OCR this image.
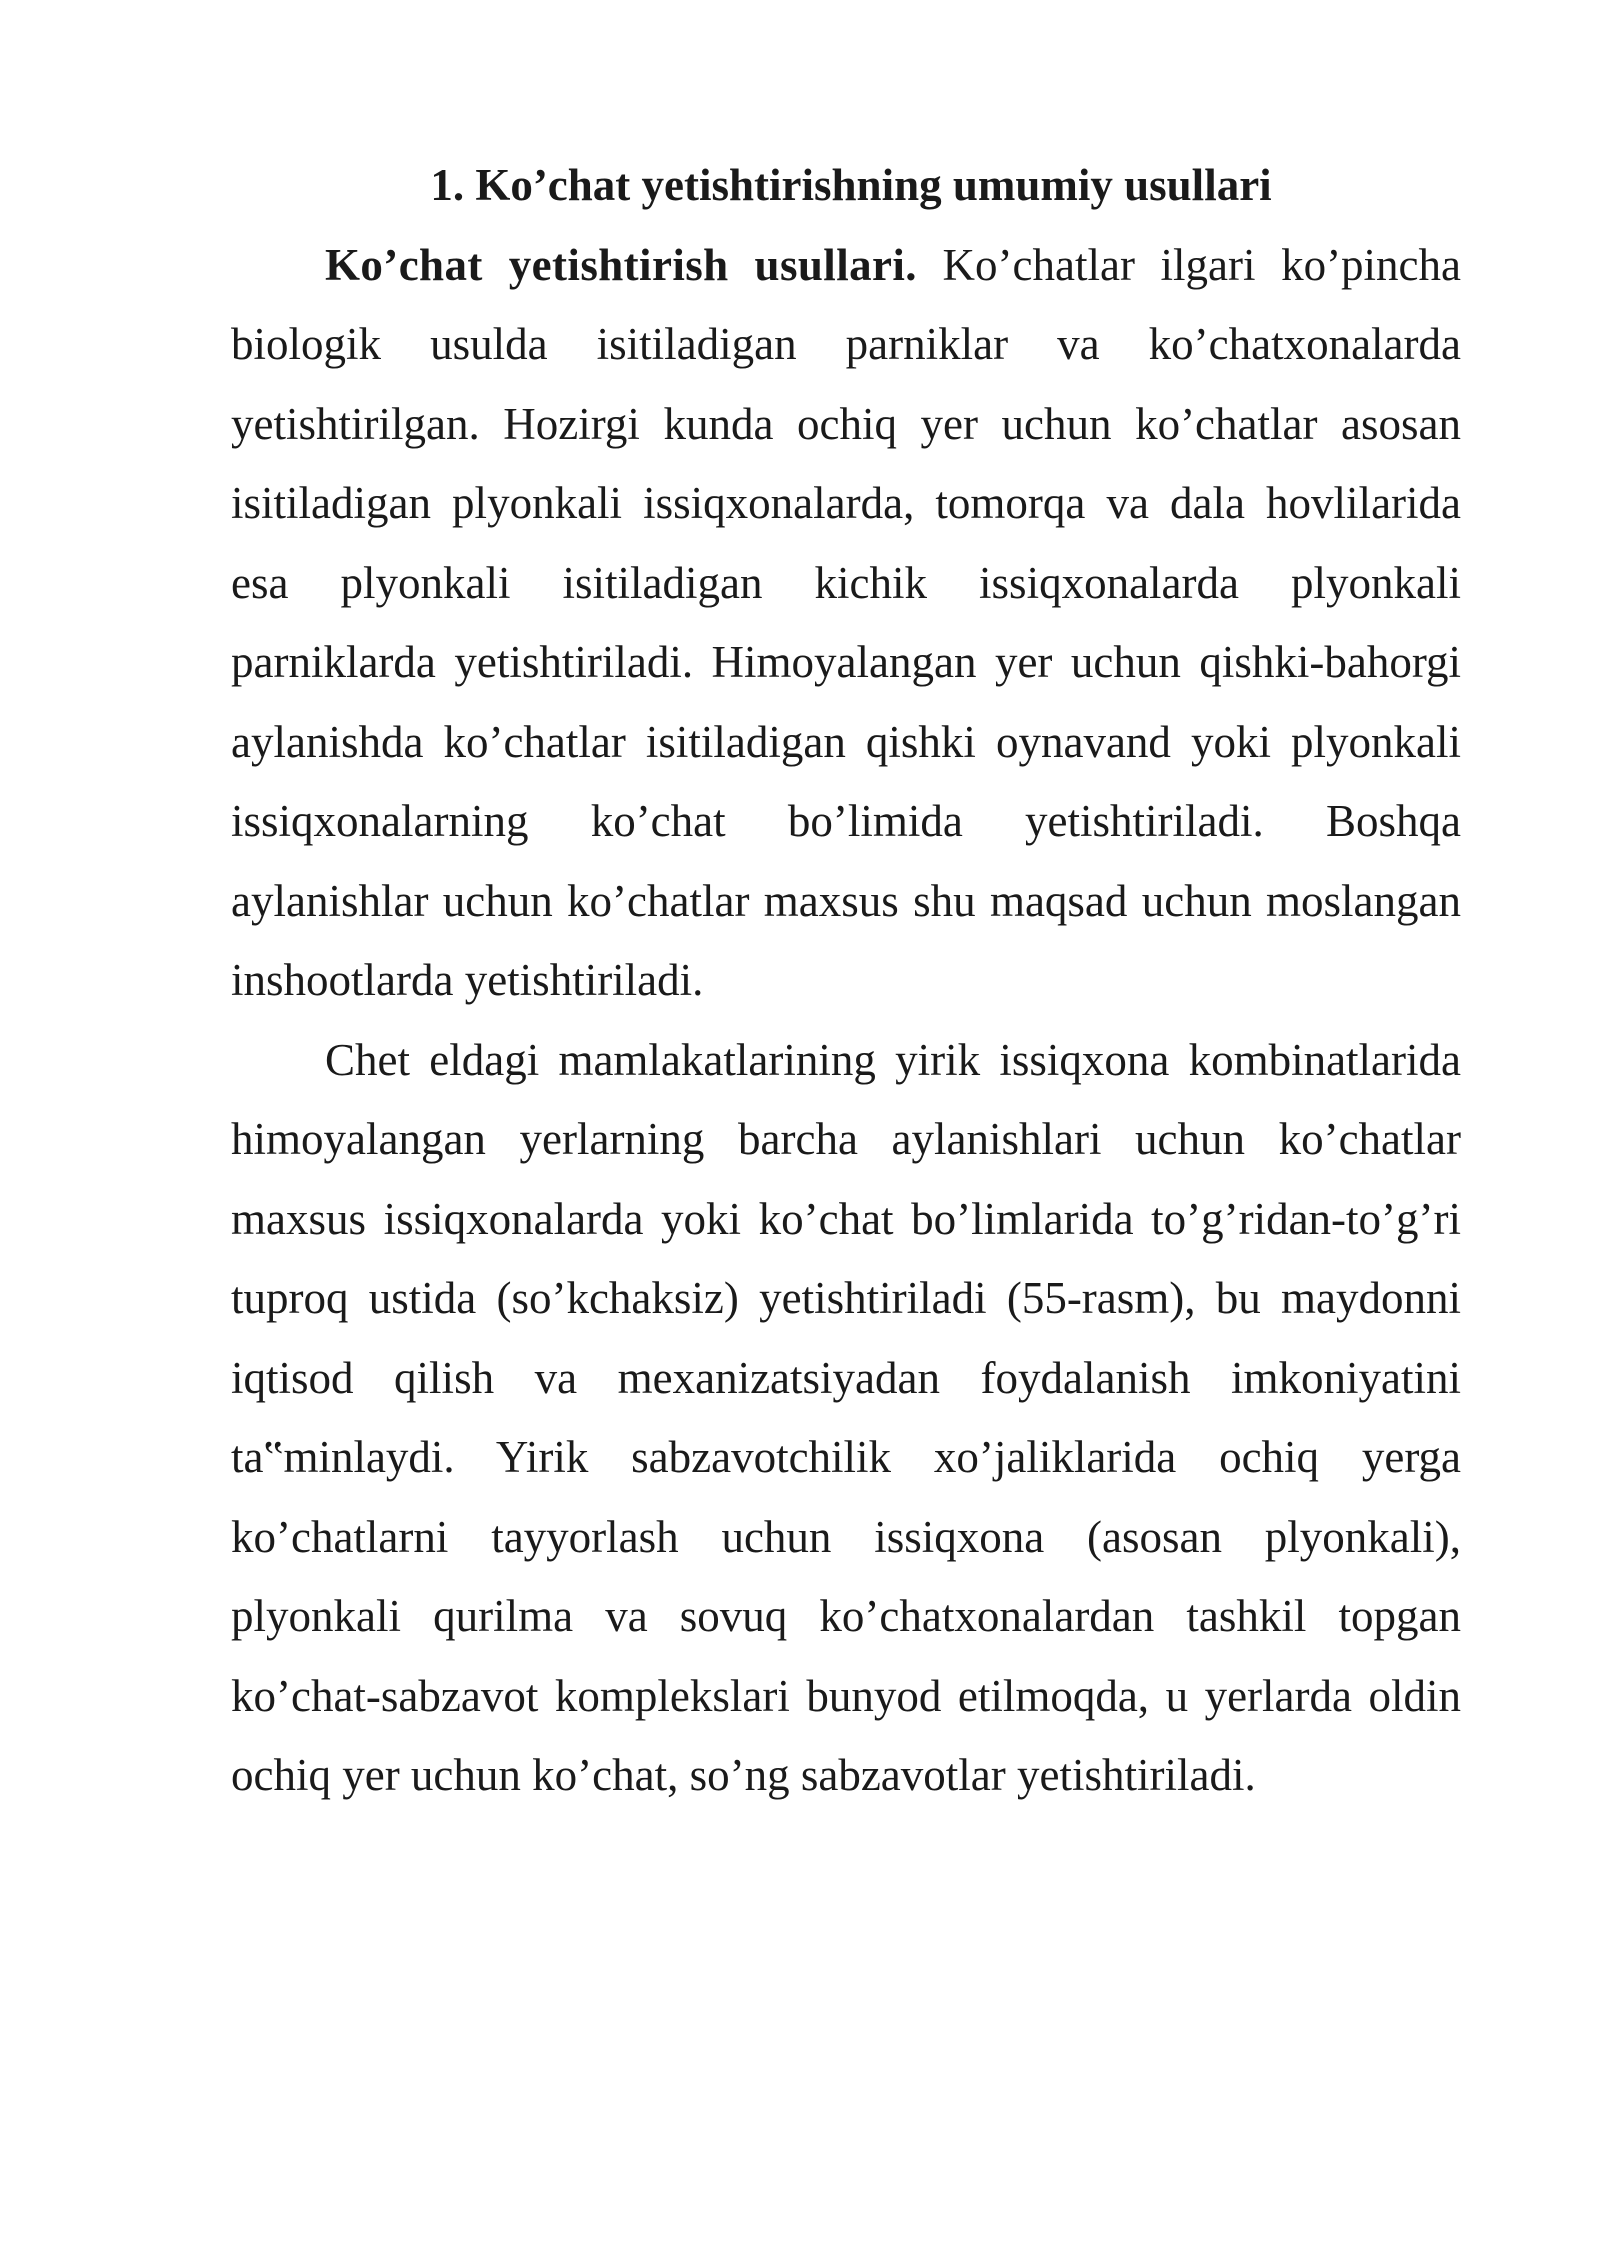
1. Ko’chat yetishtirishning umumiy usullari

Ko’chat yetishtirish usullari. Ko’chatlar ilgari ko’pincha biologik usulda isitiladigan parniklar va ko’chatxonalarda yetishtirilgan. Hozirgi kunda ochiq yer uchun ko’chatlar asosan isitiladigan plyonkali issiqxonalarda, tomorqa va dala hovlilarida esa plyonkali isitiladigan kichik issiqxonalarda plyonkali parniklarda yetishtiriladi. Himoyalangan yer uchun qishki-bahorgi aylanishda ko’chatlar isitiladigan qishki oynavand yoki plyonkali issiqxonalarning ko’chat bo’limida yetishtiriladi. Boshqa aylanishlar uchun ko’chatlar maxsus shu maqsad uchun moslangan inshootlarda yetishtiriladi.

Chet eldagi mamlakatlarining yirik issiqxona kombinatlarida himoyalangan yerlarning barcha aylanishlari uchun ko’chatlar maxsus issiqxonalarda yoki ko’chat bo’limlarida to’g’ridan-to’g’ri tuproq ustida (so’kchaksiz) yetishtiriladi (55-rasm), bu maydonni iqtisod qilish va mexanizatsiyadan foydalanish imkoniyatini ta‟minlaydi. Yirik sabzavotchilik xo’jaliklarida ochiq yerga ko’chatlarni tayyorlash uchun issiqxona (asosan plyonkali), plyonkali qurilma va sovuq ko’chatxonalardan tashkil topgan ko’chat-sabzavot komplekslari bunyod etilmoqda, u yerlarda oldin ochiq yer uchun ko’chat, so’ng sabzavotlar yetishtiriladi.
